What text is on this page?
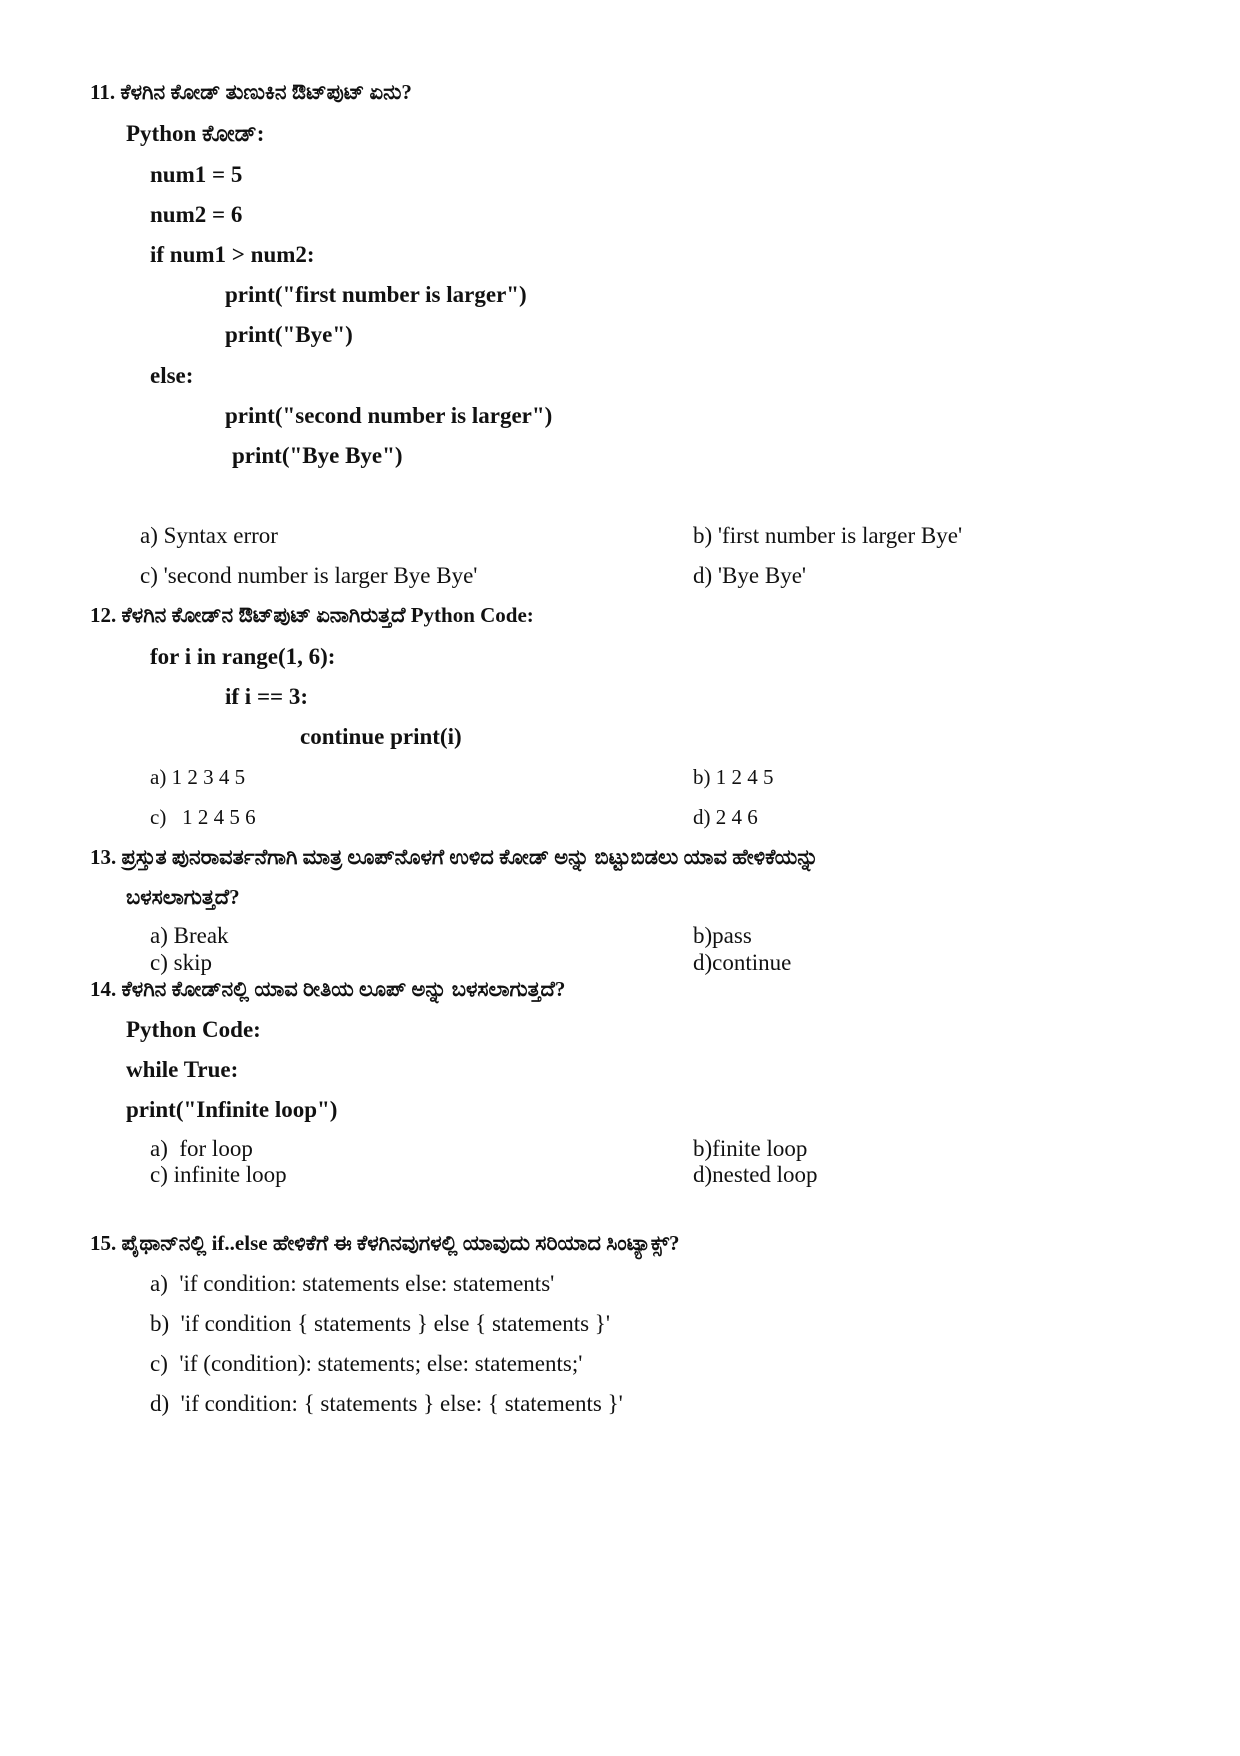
11. ಕೆಳಗಿನ ಕೋಡ್ ತುಣುಕಿನ ಔಟ್‌ಪುಟ್ ಏನು?
Python ಕೋಡ್:
num1 = 5
num2 = 6
if num1 > num2:
print("first number is larger")
print("Bye")
else:
print("second number is larger")
print("Bye Bye")
a) Syntax error	b) 'first number is larger Bye'
c) 'second number is larger Bye Bye'	d) 'Bye Bye'
12. ಕೆಳಗಿನ ಕೋಡ್‌ನ ಔಟ್‌ಪುಟ್ ಏನಾಗಿರುತ್ತದೆ Python Code:
for i in range(1, 6):
if i == 3:
continue print(i)
a) 1 2 3 4 5	b) 1 2 4 5
c)   1 2 4 5 6	d) 2 4 6
13. ಪ್ರಸ್ತುತ ಪುನರಾವರ್ತನೆಗಾಗಿ ಮಾತ್ರ ಲೂಪ್‌ನೊಳಗೆ ಉಳಿದ ಕೋಡ್ ಅನ್ನು ಬಿಟ್ಟುಬಿಡಲು ಯಾವ ಹೇಳಿಕೆಯನ್ನು
ಬಳಸಲಾಗುತ್ತದೆ?
a) Break	b)pass
c) skip	d)continue
14. ಕೆಳಗಿನ ಕೋಡ್‌ನಲ್ಲಿ ಯಾವ ರೀತಿಯ ಲೂಪ್ ಅನ್ನು ಬಳಸಲಾಗುತ್ತದೆ?
Python Code:
while True:
print("Infinite loop")
a)  for loop	b)finite loop
c) infinite loop	d)nested loop
15. ಪೈಥಾನ್‌ನಲ್ಲಿ if..else ಹೇಳಿಕೆಗೆ ಈ ಕೆಳಗಿನವುಗಳಲ್ಲಿ ಯಾವುದು ಸರಿಯಾದ ಸಿಂಟ್ಯಾಕ್ಸ್?
a)  'if condition: statements else: statements'
b)  'if condition { statements } else { statements }'
c)  'if (condition): statements; else: statements;'
d)  'if condition: { statements } else: { statements }'
